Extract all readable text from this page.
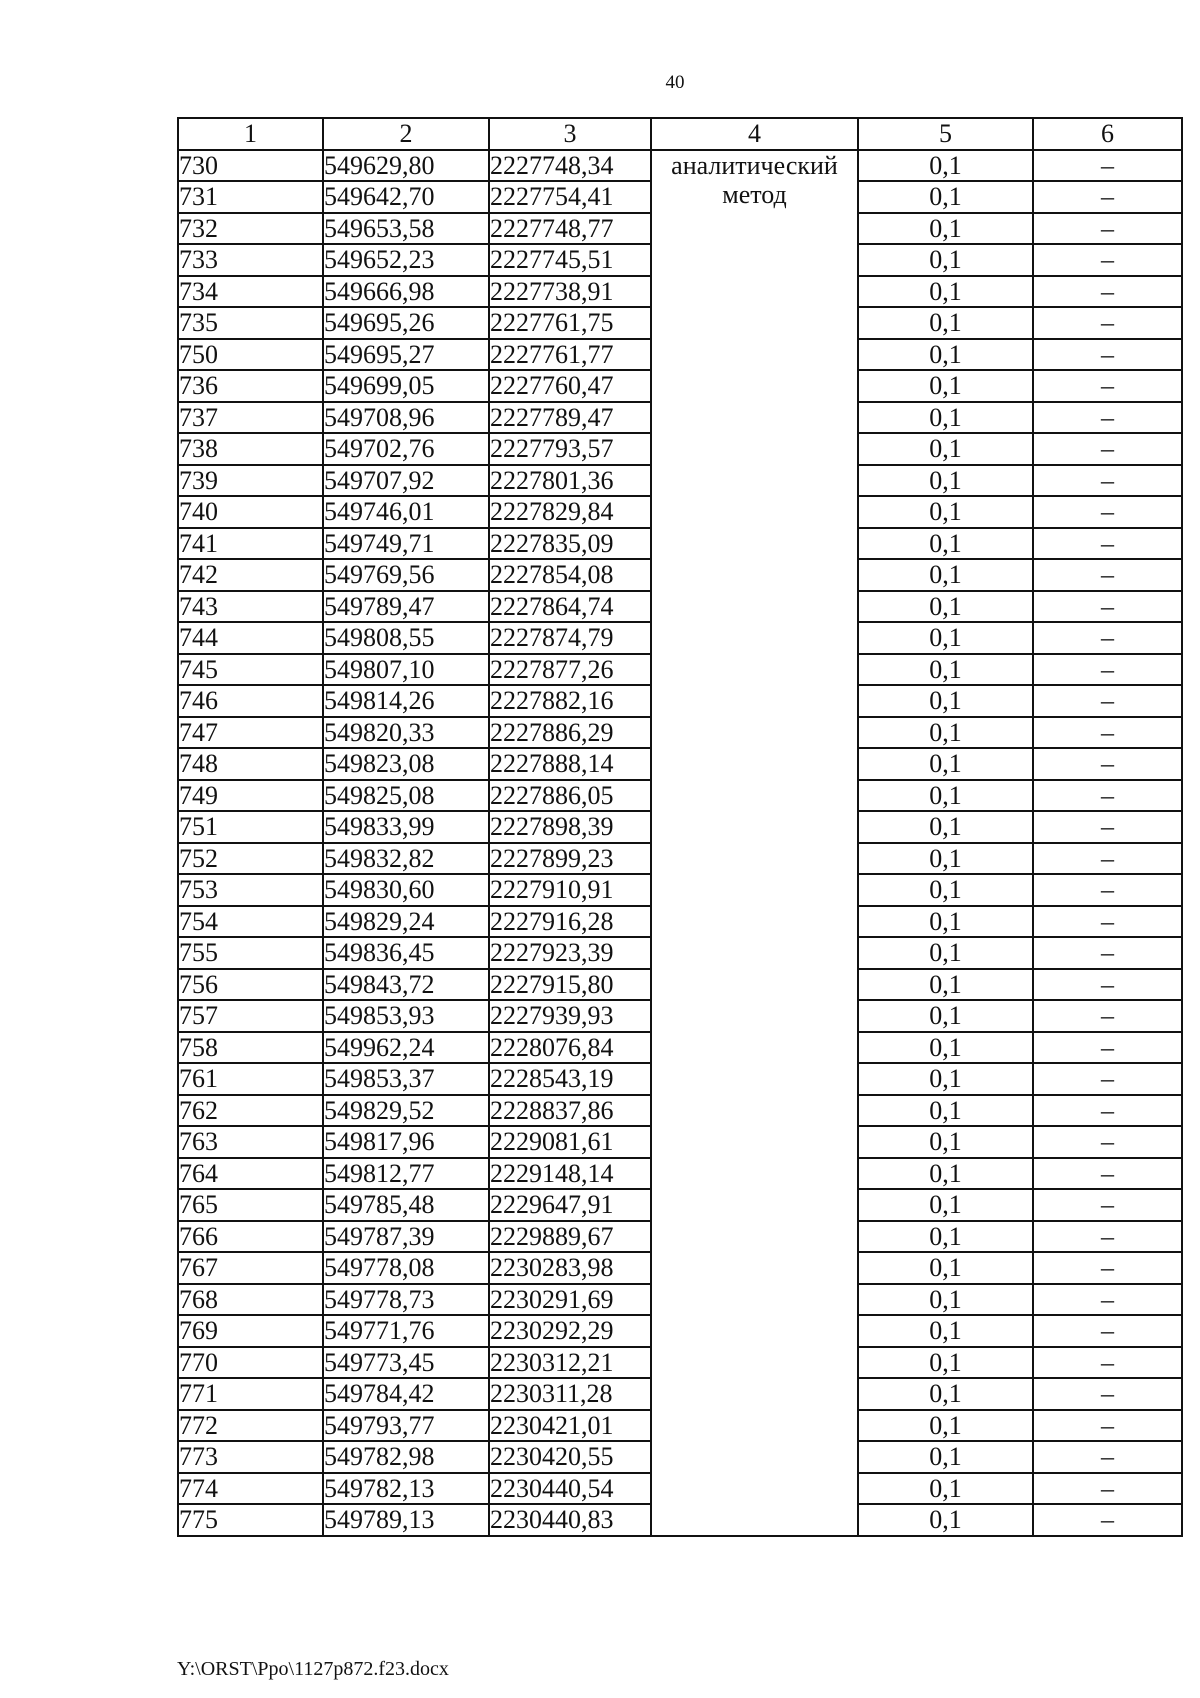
40
1	2	3	4	5	6
730	549629,80	2227748,34	аналитический метод	0,1	–
731	549642,70	2227754,41		0,1	–
732	549653,58	2227748,77		0,1	–
733	549652,23	2227745,51		0,1	–
734	549666,98	2227738,91		0,1	–
735	549695,26	2227761,75		0,1	–
750	549695,27	2227761,77		0,1	–
736	549699,05	2227760,47		0,1	–
737	549708,96	2227789,47		0,1	–
738	549702,76	2227793,57		0,1	–
739	549707,92	2227801,36		0,1	–
740	549746,01	2227829,84		0,1	–
741	549749,71	2227835,09		0,1	–
742	549769,56	2227854,08		0,1	–
743	549789,47	2227864,74		0,1	–
744	549808,55	2227874,79		0,1	–
745	549807,10	2227877,26		0,1	–
746	549814,26	2227882,16		0,1	–
747	549820,33	2227886,29		0,1	–
748	549823,08	2227888,14		0,1	–
749	549825,08	2227886,05		0,1	–
751	549833,99	2227898,39		0,1	–
752	549832,82	2227899,23		0,1	–
753	549830,60	2227910,91		0,1	–
754	549829,24	2227916,28		0,1	–
755	549836,45	2227923,39		0,1	–
756	549843,72	2227915,80		0,1	–
757	549853,93	2227939,93		0,1	–
758	549962,24	2228076,84		0,1	–
761	549853,37	2228543,19		0,1	–
762	549829,52	2228837,86		0,1	–
763	549817,96	2229081,61		0,1	–
764	549812,77	2229148,14		0,1	–
765	549785,48	2229647,91		0,1	–
766	549787,39	2229889,67		0,1	–
767	549778,08	2230283,98		0,1	–
768	549778,73	2230291,69		0,1	–
769	549771,76	2230292,29		0,1	–
770	549773,45	2230312,21		0,1	–
771	549784,42	2230311,28		0,1	–
772	549793,77	2230421,01		0,1	–
773	549782,98	2230420,55		0,1	–
774	549782,13	2230440,54		0,1	–
775	549789,13	2230440,83		0,1	–
Y:\ORST\Ppo\1127p872.f23.docx
